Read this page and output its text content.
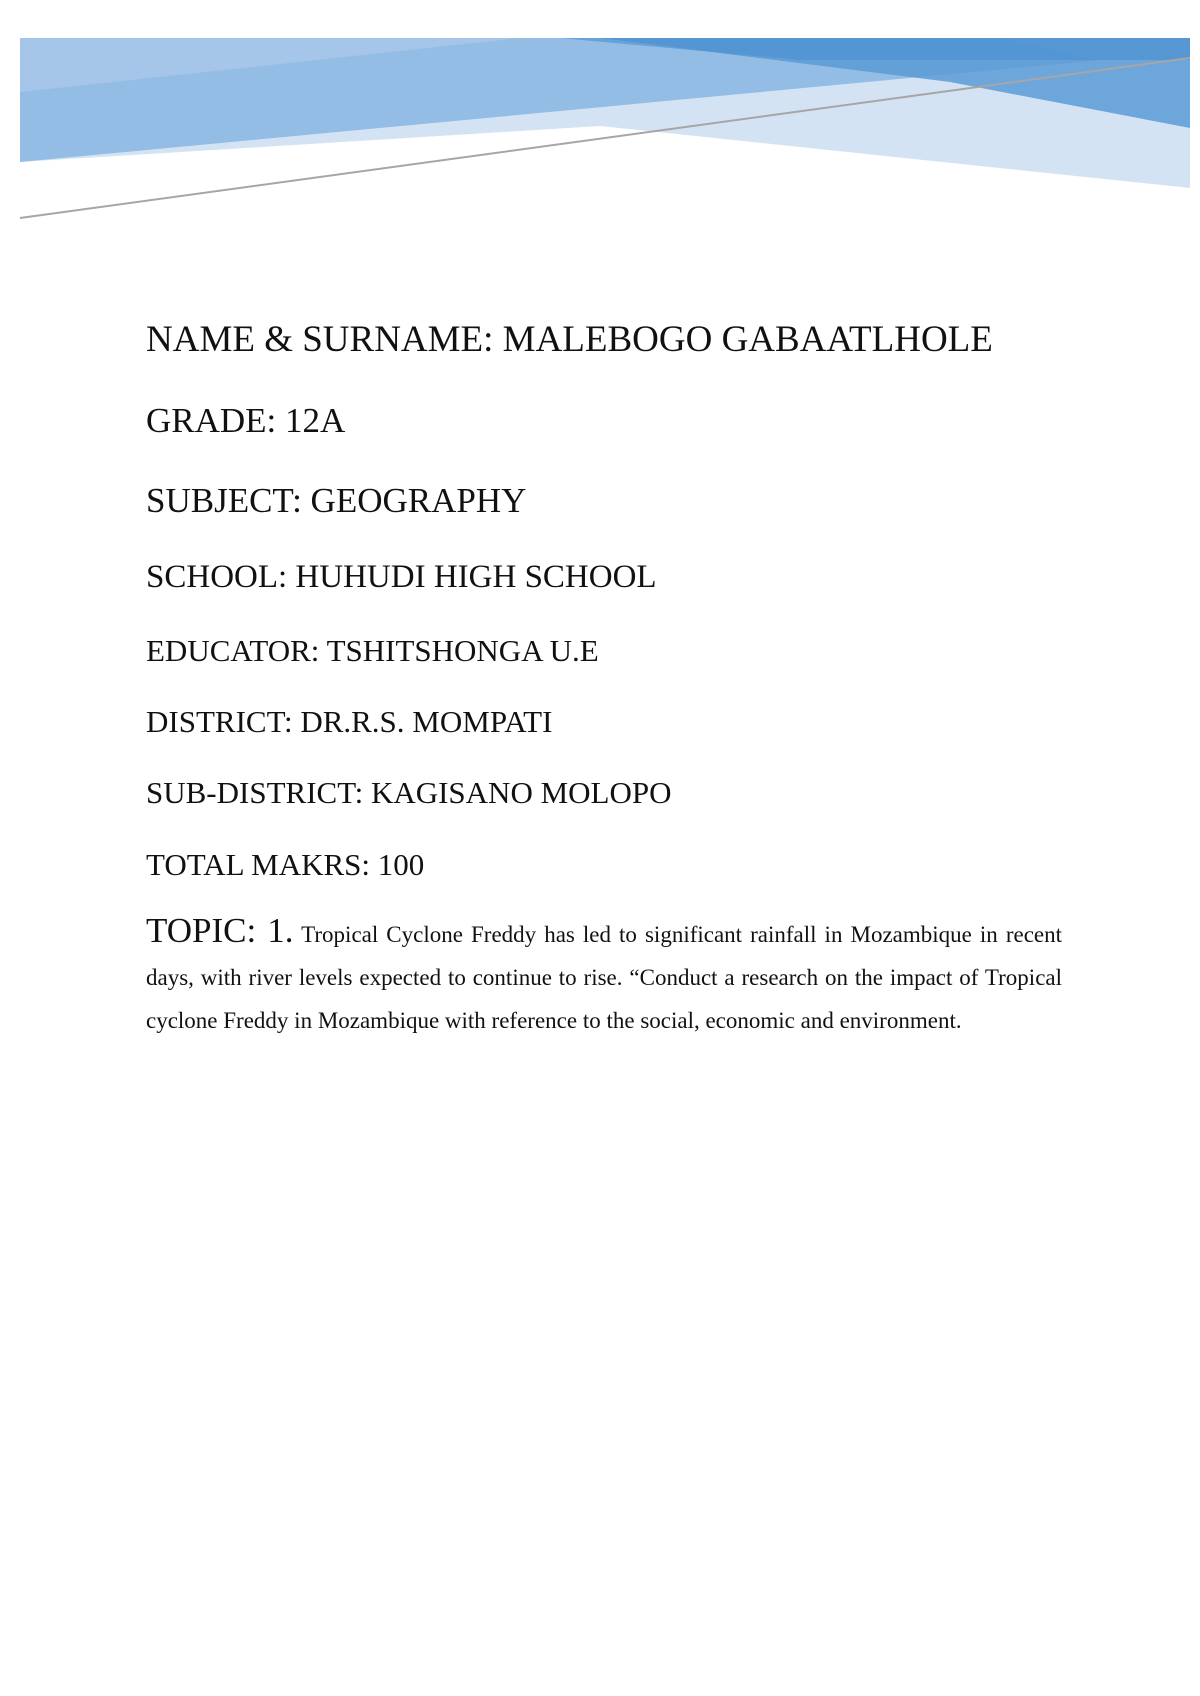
NAME & SURNAME: MALEBOGO GABAATLHOLE

GRADE: 12A

SUBJECT: GEOGRAPHY

SCHOOL: HUHUDI HIGH SCHOOL

EDUCATOR: TSHITSHONGA U.E

DISTRICT: DR.R.S. MOMPATI

SUB-DISTRICT: KAGISANO MOLOPO

TOTAL MAKRS: 100

TOPIC: 1. Tropical Cyclone Freddy has led to significant rainfall in Mozambique in recent days, with river levels expected to continue to rise. “Conduct a research on the impact of Tropical cyclone Freddy in Mozambique with reference to the social, economic and environment.
